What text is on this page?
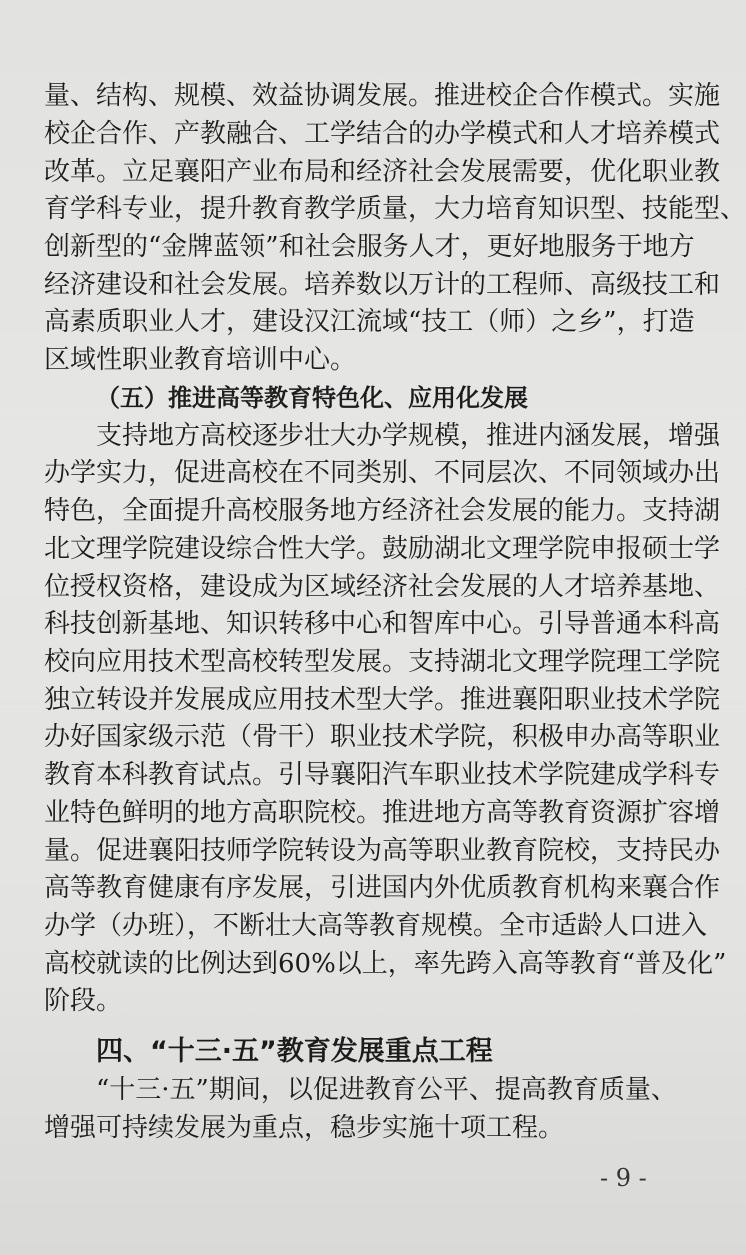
量、结构、规模、效益协调发展。推进校企合作模式。实施
校企合作、产教融合、工学结合的办学模式和人才培养模式
改革。立足襄阳产业布局和经济社会发展需要，优化职业教
育学科专业，提升教育教学质量，大力培育知识型、技能型、
创新型的“金牌蓝领”和社会服务人才，更好地服务于地方
经济建设和社会发展。培养数以万计的工程师、高级技工和
高素质职业人才，建设汉江流域“技工（师）之乡”，打造
区域性职业教育培训中心。
（五）推进高等教育特色化、应用化发展
支持地方高校逐步壮大办学规模，推进内涵发展，增强
办学实力，促进高校在不同类别、不同层次、不同领域办出
特色，全面提升高校服务地方经济社会发展的能力。支持湖
北文理学院建设综合性大学。鼓励湖北文理学院申报硕士学
位授权资格，建设成为区域经济社会发展的人才培养基地、
科技创新基地、知识转移中心和智库中心。引导普通本科高
校向应用技术型高校转型发展。支持湖北文理学院理工学院
独立转设并发展成应用技术型大学。推进襄阳职业技术学院
办好国家级示范（骨干）职业技术学院，积极申办高等职业
教育本科教育试点。引导襄阳汽车职业技术学院建成学科专
业特色鲜明的地方高职院校。推进地方高等教育资源扩容增
量。促进襄阳技师学院转设为高等职业教育院校，支持民办
高等教育健康有序发展，引进国内外优质教育机构来襄合作
办学（办班），不断壮大高等教育规模。全市适龄人口进入
高校就读的比例达到60%以上，率先跨入高等教育“普及化”
阶段。
四、“十三·五”教育发展重点工程
“十三·五”期间，以促进教育公平、提高教育质量、
增强可持续发展为重点，稳步实施十项工程。
- 9 -
